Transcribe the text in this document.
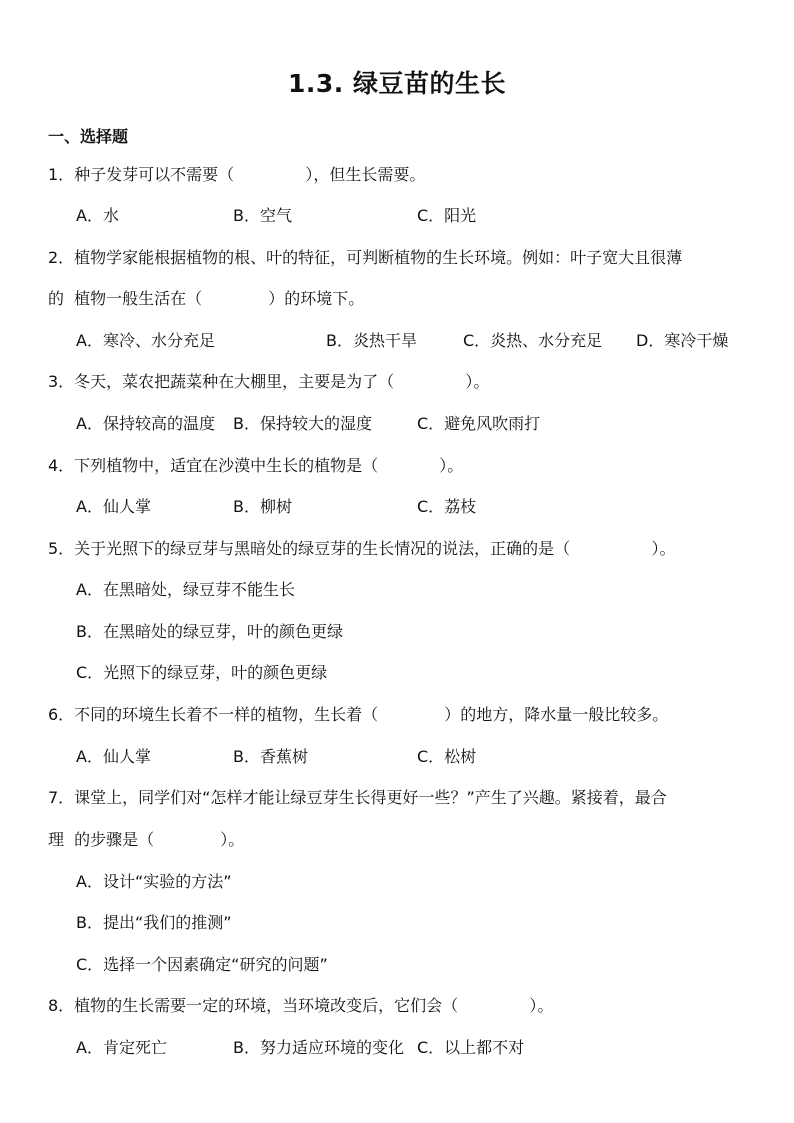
1.3. 绿豆苗的生长
一、选择题
1．种子发芽可以不需要（              ），但生长需要。
A．水	B．空气	C．阳光
2．植物学家能根据植物的根、叶的特征，可判断植物的生长环境。例如：叶子宽大且很薄
的  植物一般生活在（             ）的环境下。
A．寒冷、水分充足	B．炎热干旱	C．炎热、水分充足 D．寒冷干燥
3．冬天，菜农把蔬菜种在大棚里，主要是为了（              ）。
A．保持较高的温度 B．保持较大的湿度	C．避免风吹雨打
4．下列植物中，适宜在沙漠中生长的植物是（            ）。
A．仙人掌	B．柳树	C．荔枝
5．关于光照下的绿豆芽与黑暗处的绿豆芽的生长情况的说法，正确的是（                ）。
A．在黑暗处，绿豆芽不能生长
B．在黑暗处的绿豆芽，叶的颜色更绿
C．光照下的绿豆芽，叶的颜色更绿
6．不同的环境生长着不一样的植物，生长着（             ）的地方，降水量一般比较多。
A．仙人掌	B．香蕉树	C．松树
7．课堂上，同学们对“怎样才能让绿豆芽生长得更好一些？”产生了兴趣。紧接着，最合
理  的步骤是（             ）。
A．设计“实验的方法”
B．提出“我们的推测”
C．选择一个因素确定“研究的问题”
8．植物的生长需要一定的环境，当环境改变后，它们会（              ）。
A．肯定死亡	B．努力适应环境的变化 C．以上都不对
